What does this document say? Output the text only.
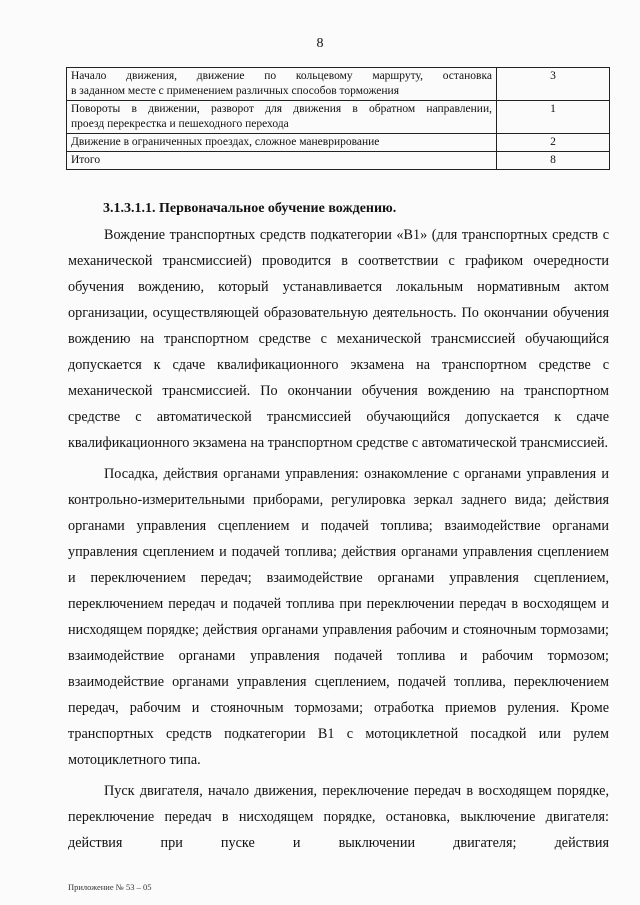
8
Начало движения, движение по кольцевому маршруту, остановка
в заданном месте с применением различных способов торможения	3
Повороты в движении, разворот для движения в обратном направлении,
проезд перекрестка и пешеходного перехода	1
Движение в ограниченных проездах, сложное маневрирование	2
Итого	8
3.1.3.1.1. Первоначальное обучение вождению.

Вождение транспортных средств подкатегории «В1» (для транспортных средств с механической трансмиссией) проводится в соответствии с графиком очередности обучения вождению, который устанавливается локальным нормативным актом организации, осуществляющей образовательную деятельность. По окончании обучения вождению на транспортном средстве с механической трансмиссией обучающийся допускается к сдаче квалификационного экзамена на транспортном средстве с механической трансмиссией. По окончании обучения вождению на транспортном средстве с автоматической трансмиссией обучающийся допускается к сдаче квалификационного экзамена на транспортном средстве с автоматической трансмиссией.

Посадка, действия органами управления: ознакомление с органами управления и контрольно-измерительными приборами, регулировка зеркал заднего вида; действия органами управления сцеплением и подачей топлива; взаимодействие органами управления сцеплением и подачей топлива; действия органами управления сцеплением и переключением передач; взаимодействие органами управления сцеплением, переключением передач и подачей топлива при переключении передач в восходящем и нисходящем порядке; действия органами управления рабочим и стояночным тормозами; взаимодействие органами управления подачей топлива и рабочим тормозом; взаимодействие органами управления сцеплением, подачей топлива, переключением передач, рабочим и стояночным тормозами; отработка приемов руления. Кроме транспортных средств подкатегории В1 с мотоциклетной посадкой или рулем мотоциклетного типа.

Пуск двигателя, начало движения, переключение передач в восходящем порядке, переключение передач в нисходящем порядке, остановка, выключение двигателя: действия при пуске и выключении двигателя; действия

Приложение № 53 – 05
